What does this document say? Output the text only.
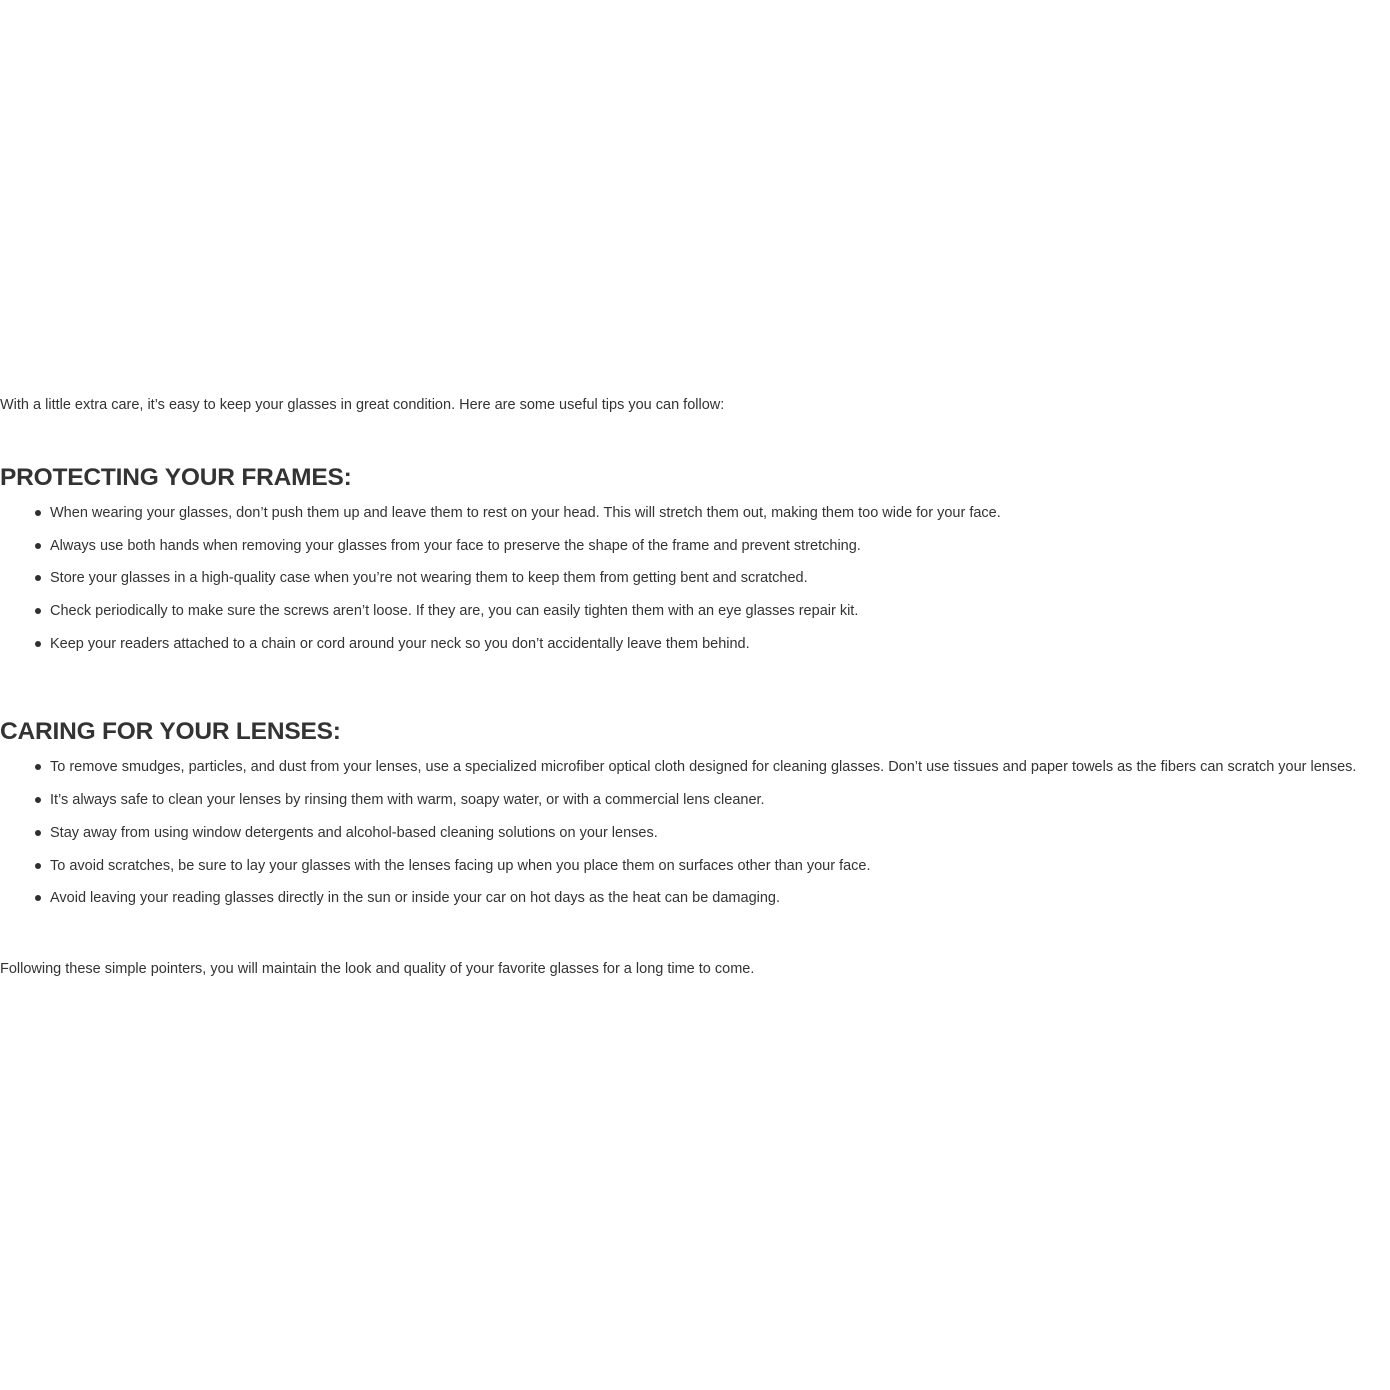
With a little extra care, it’s easy to keep your glasses in great condition. Here are some useful tips you can follow:

PROTECTING YOUR FRAMES:
When wearing your glasses, don’t push them up and leave them to rest on your head. This will stretch them out, making them too wide for your face.
Always use both hands when removing your glasses from your face to preserve the shape of the frame and prevent stretching.
Store your glasses in a high-quality case when you’re not wearing them to keep them from getting bent and scratched.
Check periodically to make sure the screws aren’t loose. If they are, you can easily tighten them with an eye glasses repair kit.
Keep your readers attached to a chain or cord around your neck so you don’t accidentally leave them behind.
CARING FOR YOUR LENSES:
To remove smudges, particles, and dust from your lenses, use a specialized microfiber optical cloth designed for cleaning glasses. Don’t use tissues and paper towels as the fibers can scratch your lenses.
It’s always safe to clean your lenses by rinsing them with warm, soapy water, or with a commercial lens cleaner.
Stay away from using window detergents and alcohol-based cleaning solutions on your lenses.
To avoid scratches, be sure to lay your glasses with the lenses facing up when you place them on surfaces other than your face.
Avoid leaving your reading glasses directly in the sun or inside your car on hot days as the heat can be damaging.

Following these simple pointers, you will maintain the look and quality of your favorite glasses for a long time to come.
